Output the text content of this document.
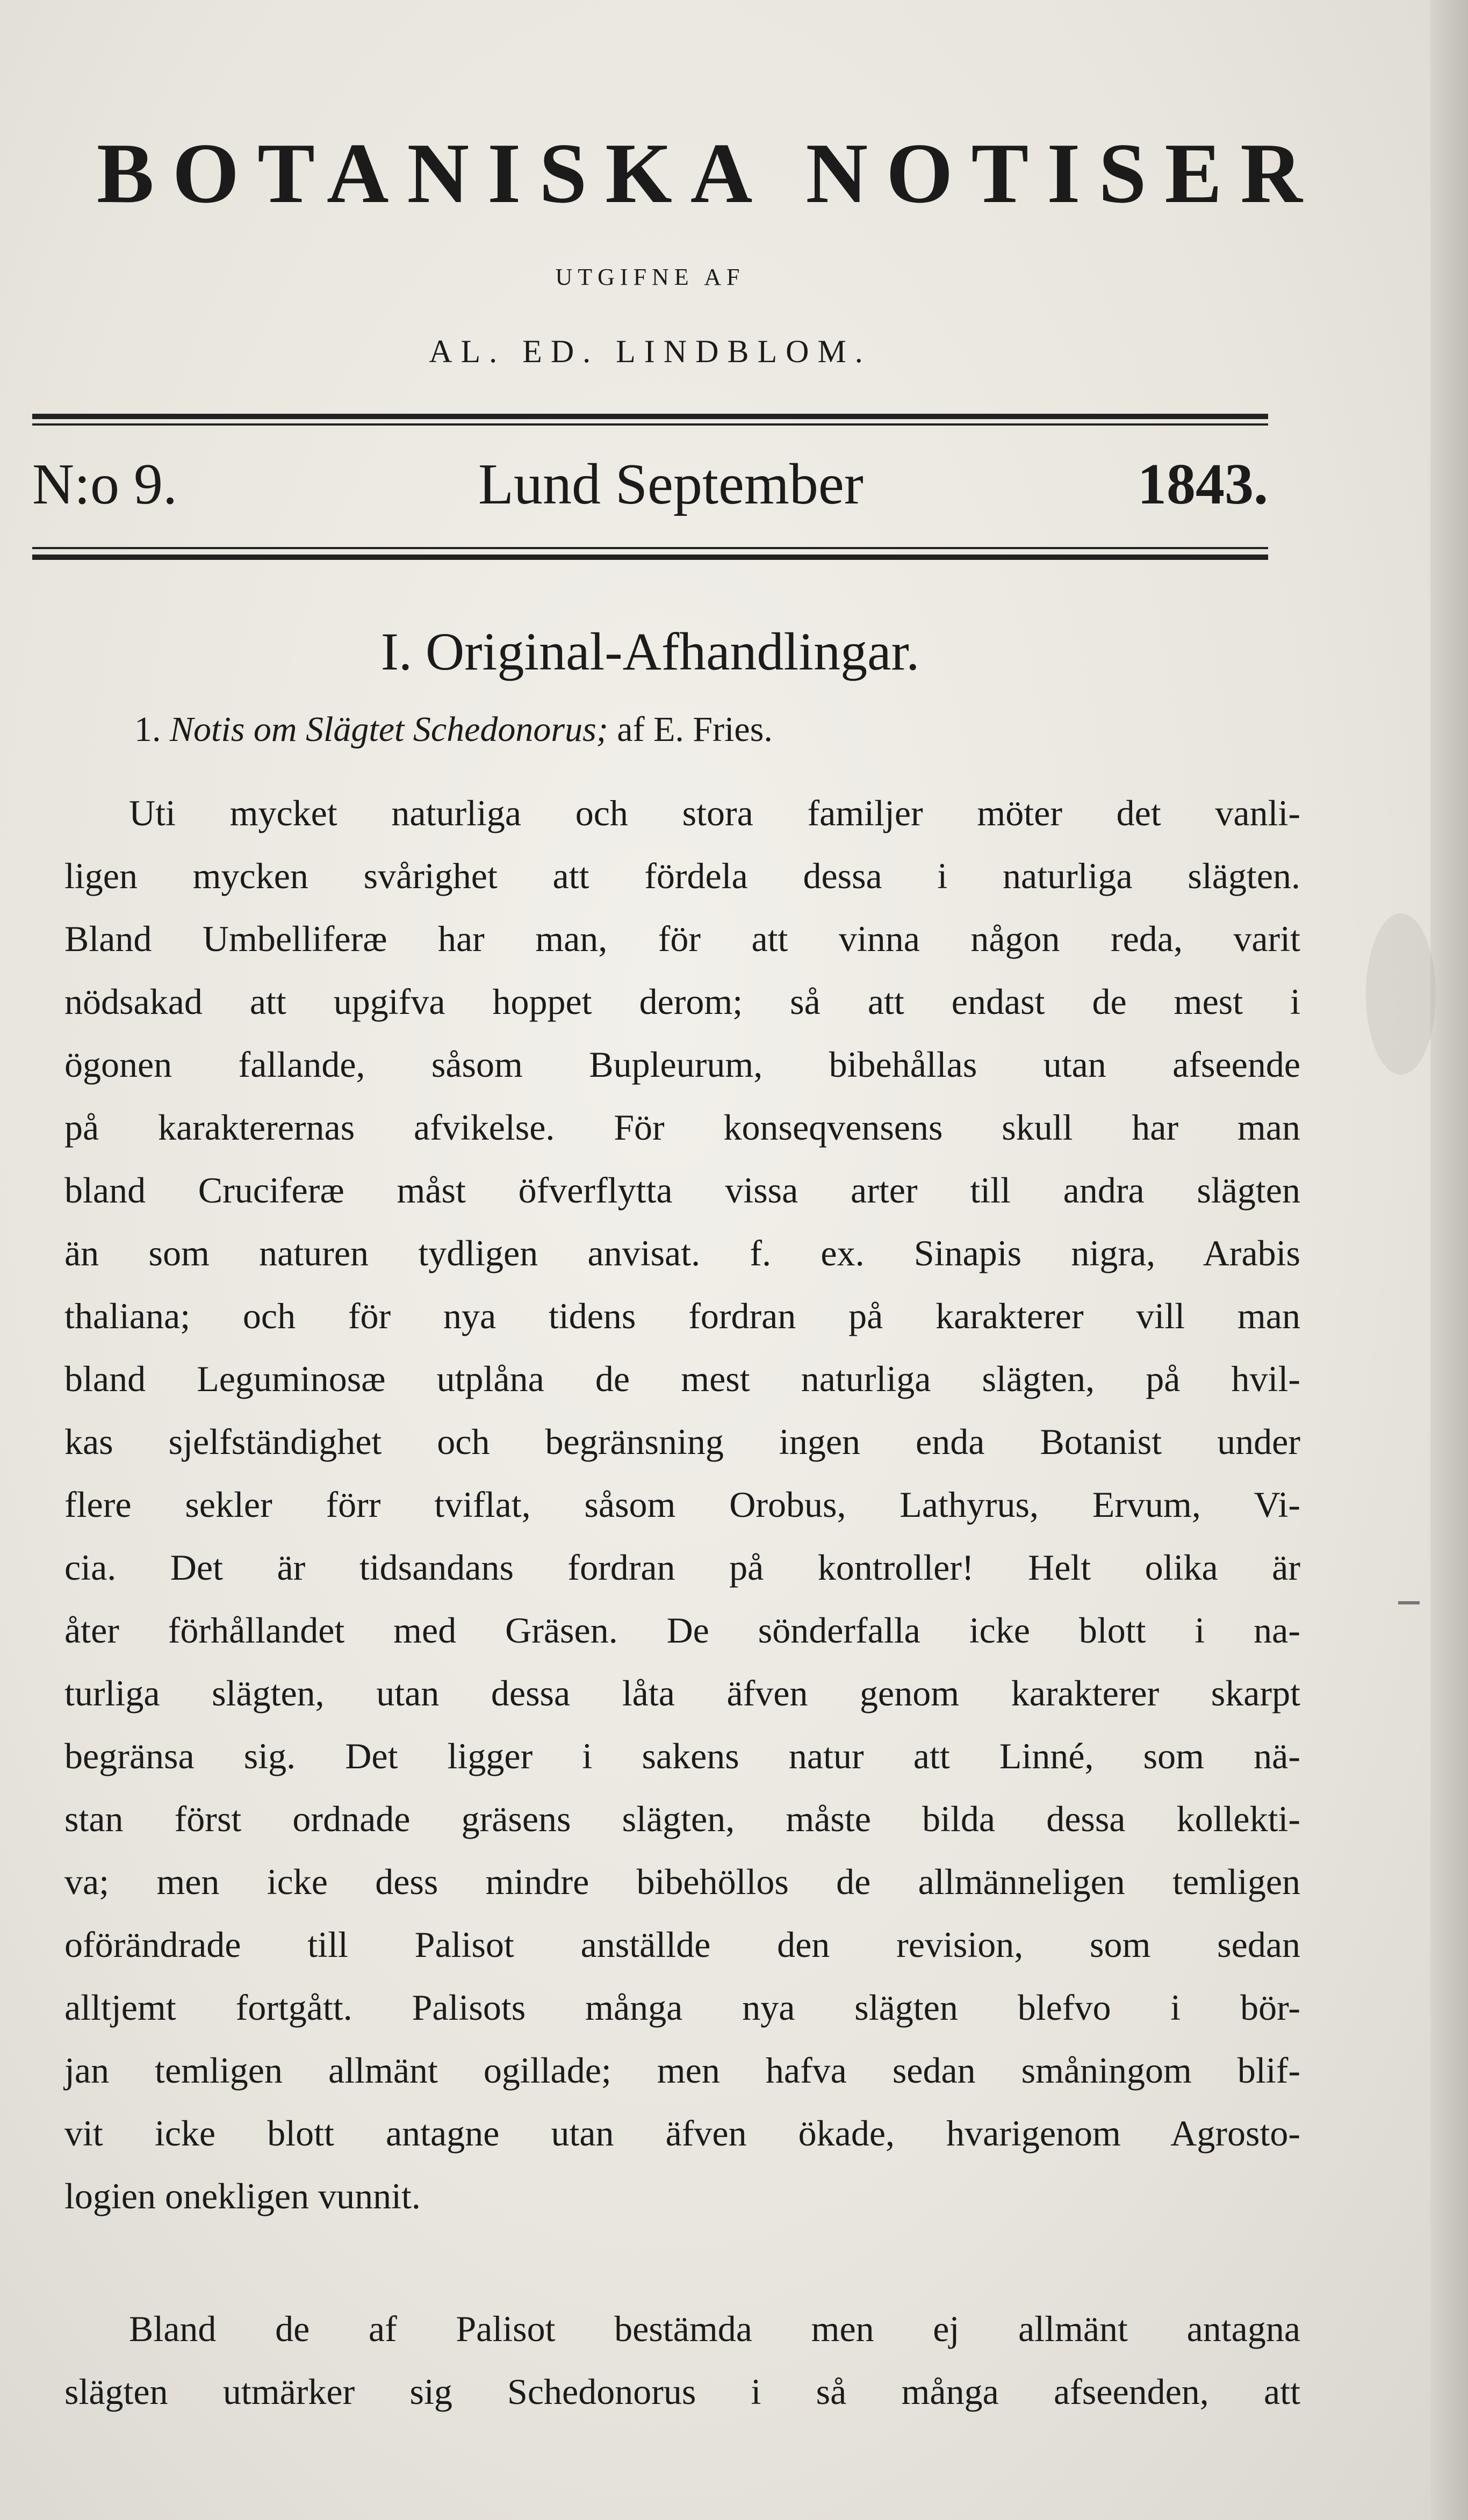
BOTANISKA NOTISER
UTGIFNE AF
AL. ED. LINDBLOM.
N:o 9.	Lund September	1843.
I. Original-Afhandlingar.
1. Notis om Slägtet Schedonorus; af E. Fries.
Uti mycket naturliga och stora familjer möter det vanli-
ligen mycken svårighet att fördela dessa i naturliga slägten.
Bland Umbelliferæ har man, för att vinna någon reda, varit
nödsakad att upgifva hoppet derom; så att endast de mest i
ögonen fallande, såsom Bupleurum, bibehållas utan afseende
på karakterernas afvikelse. För konseqvensens skull har man
bland Cruciferæ måst öfverflytta vissa arter till andra slägten
än som naturen tydligen anvisat. f. ex. Sinapis nigra, Arabis
thaliana; och för nya tidens fordran på karakterer vill man
bland Leguminosæ utplåna de mest naturliga slägten, på hvil-
kas sjelfständighet och begränsning ingen enda Botanist under
flere sekler förr tviflat, såsom Orobus, Lathyrus, Ervum, Vi-
cia. Det är tidsandans fordran på kontroller! Helt olika är
åter förhållandet med Gräsen. De sönderfalla icke blott i na-
turliga slägten, utan dessa låta äfven genom karakterer skarpt
begränsa sig. Det ligger i sakens natur att Linné, som nä-
stan först ordnade gräsens slägten, måste bilda dessa kollekti-
va; men icke dess mindre bibehöllos de allmänneligen temligen
oförändrade till Palisot anställde den revision, som sedan
alltjemt fortgått. Palisots många nya slägten blefvo i bör-
jan temligen allmänt ogillade; men hafva sedan småningom blif-
vit icke blott antagne utan äfven ökade, hvarigenom Agrosto-
logien onekligen vunnit.
Bland de af Palisot bestämda men ej allmänt antagna
slägten utmärker sig Schedonorus i så många afseenden, att
